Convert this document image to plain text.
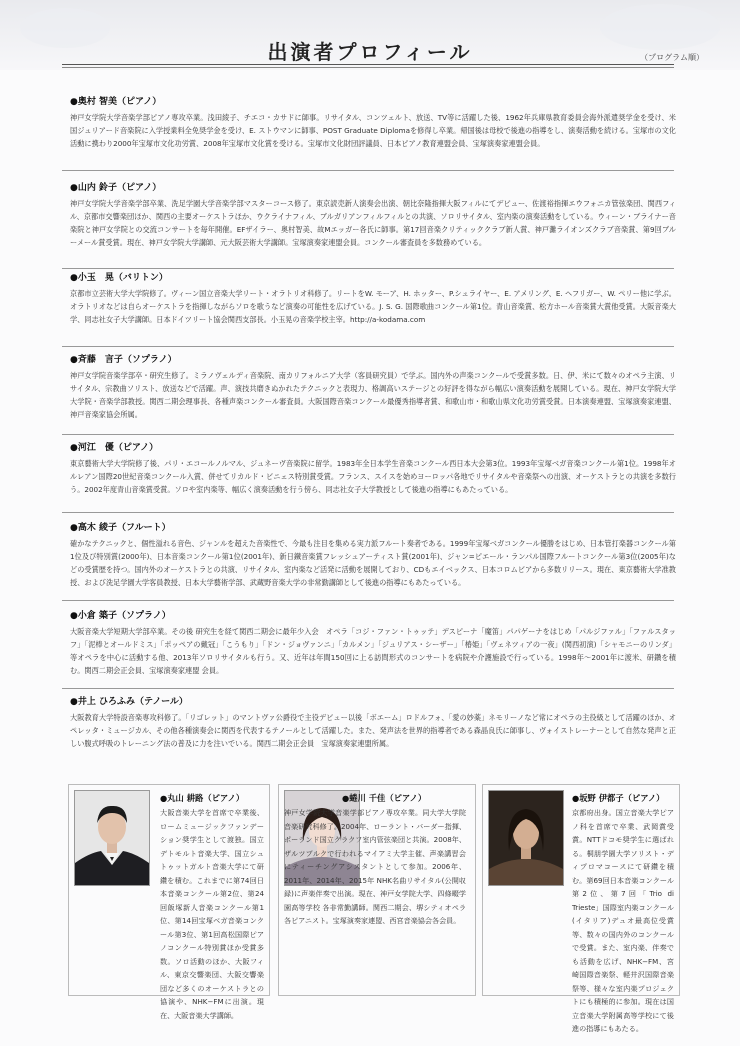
出演者プロフィール	（プログラム順）
●奥村 智美（ピアノ）
神戸女学院大学音楽学部ピアノ専攻卒業。浅田綾子、チエコ・カサドに師事。リサイタル、コンツェルト、放送、TV等に活躍した後、1962年兵庫県教育委員会海外派遣奨学金を受け、米国ジュリアード音楽院に入学授業料全免奨学金を受け、E. ストウマンに師事、POST Graduate Diplomaを修得し卒業。帰国後は母校で後進の指導をし、演奏活動を続ける。宝塚市の文化活動に携わり2000年宝塚市文化功労賞、2008年宝塚市文化賞を受ける。宝塚市文化財団評議員、日本ピアノ教育連盟会員、宝塚演奏家連盟会員。
●山内 鈴子（ピアノ）
神戸女学院大学音楽学部卒業、洗足学園大学音楽学部マスターコース修了。東京読売新人演奏会出演、朝比奈隆指揮大阪フィルにてデビュー、佐渡裕指揮エウフォニカ管弦楽団、関西フィル、京都市交響楽団ほか、関西の主要オーケストラほか、ウクライナフィル、ブルガリアンフィルフィルとの共演、ソロリサイタル、室内楽の演奏活動をしている。ウィーン・ブライナー音楽院と神戸女学院との交流コンサートを毎年開催。EFザイラー、奥村智美、故Mエッガー各氏に師事。第17回音楽クリティッククラブ新人賞、神戸灘ライオンズクラブ音楽賞、第9回ブルーメール賞受賞。現在、神戸女学院大学講師、元大阪芸術大学講師。宝塚演奏家連盟会員。コンクール審査員を多数務めている。
●小玉　晃（バリトン）
京都市立芸術大学大学院修了。ヴィーン国立音楽大学リート・オラトリオ科修了。リートをW. モーア、H. ホッター、P.シュライヤー、E. アメリング、E. ヘフリガー、W. ペリー他に学ぶ。オラトリオなどは自らオーケストラを指揮しながらソロを歌うなど演奏の可能性を広げている。J. S. G. 国際歌曲コンクール第1位。青山音楽賞、松方ホール音楽賞大賞他受賞。大阪音楽大学、同志社女子大学講師。日本ドイツリート協会関西支部長。小玉晃の音楽学校主宰。http://a-kodama.com
●斉藤　言子（ソプラノ）
神戸女学院音楽学部卒・研究生修了。ミラノヴェルディ音楽院、南カリフォルニア大学（客員研究員）で学ぶ。国内外の声楽コンクールで受賞多数。日、伊、米にて数々のオペラ主演、リサイタル、宗教曲ソリスト、放送などで活躍。声、演技共磨きぬかれたテクニックと表現力、格調高いステージとの好評を得ながら幅広い演奏活動を展開している。現在、神戸女学院大学大学院・音楽学部教授。関西二期会理事長、各種声楽コンクール審査員。大阪国際音楽コンクール最優秀指導者賞、和歌山市・和歌山県文化功労賞受賞。日本演奏連盟、宝塚演奏家連盟、神戸音楽家協会所属。
●河江　優（ピアノ）
東京藝術大学大学院修了後、パリ・エコールノルマル、ジュネーヴ音楽院に留学。1983年全日本学生音楽コンクール西日本大会第3位。1993年宝塚ベガ音楽コンクール第1位。1998年オルレアン国際20世紀音楽コンクール入賞、併せてリカルド・ビニェス特別賞受賞。フランス、スイスを始めヨーロッパ各地でリサイタルや音楽祭への出演、オーケストラとの共演を多数行う。2002年度青山音楽賞受賞。ソロや室内楽等、幅広く演奏活動を行う傍ら、同志社女子大学教授として後進の指導にもあたっている。
●高木 綾子（フルート）
確かなテクニックと、個性溢れる音色、ジャンルを超えた音楽性で、今最も注目を集める実力派フルート奏者である。1999年宝塚ベガコンクール優勝をはじめ、日本管打楽器コンクール第1位及び特別賞(2000年)、日本音楽コンクール第1位(2001年)、新日鐵音楽賞フレッシュアーティスト賞(2001年)、ジャン=ピエール・ランパル国際フルートコンクール第3位(2005年)などの受賞歴を持つ。国内外のオーケストラとの共演、リサイタル、室内楽など活発に活動を展開しており、CDもエイベックス、日本コロムビアから多数リリース。現在、東京藝術大学准教授、および洗足学園大学客員教授、日本大学藝術学部、武蔵野音楽大学の非常勤講師として後進の指導にもあたっている。
●小倉 築子（ソプラノ）
大阪音楽大学短期大学部卒業。その後 研究生を経て関西二期会に最年少入会　オペラ「コジ・ファン・トゥッテ」デスピーナ「魔笛」パパゲーナをはじめ「パルジファル」「ファルスタッフ」「泥棒とオールドミス」「ポッペアの戴冠」「こうもり」「ドン・ジョヴァンニ」「カルメン」「ジュリアス・シーザー」「椿姫」「ヴェネツィアの一夜」(関西初演)「シャモニーのリンダ」等オペラを中心に活動する他、2013年ソロリサイタルも行う。又、近年は年間150回に上る訪問形式のコンサートを病院や介護施設で行っている。1998年～2001年に渡米、研鑽を積む。関西二期会正会員、宝塚演奏家連盟 会員。
●井上 ひろふみ（テノール）
大阪教育大学特設音楽専攻科修了。「リゴレット」のマントヴァ公爵役で主役デビュー以後「ボエーム」ロドルフォ、「愛の妙薬」ネモリーノなど常にオペラの主役級として活躍のほか、オペレッタ・ミュージカル、その他各種演奏会に関西を代表するテノールとして活躍した。また、発声法を世界的指導者である森晶良氏に師事し、ヴォイストレーナーとして自然な発声と正しい腹式呼吸のトレーニング法の普及に力を注いでいる。関西二期会正会員　宝塚演奏家連盟所属。
●丸山 耕路（ピアノ）
大阪音楽大学を首席で卒業後、ロームミュージックファンデーション奨学生として渡独。国立デトモルト音楽大学、国立シュトゥットガルト音楽大学にて研鑽を積む。これまでに第74回日本音楽コンクール第2位、第24回飯塚新人音楽コンクール第1位、第14回宝塚ベガ音楽コンクール第3位、第1回高松国際ピアノコンクール特別賞ほか受賞多数。ソロ活動のほか、大阪フィル、東京交響楽団、大阪交響楽団など多くのオーケストラとの協演や、NHK−FMに出演。現在、大阪音楽大学講師。
●蜷川 千佳（ピアノ）
神戸女学院大学音楽学部ピアノ専攻卒業。同大学大学院音楽研究科修了。2004年、ローラント・バーダー指揮、ポーランド国立クラクフ室内管弦楽団と共演。2008年、ザルツブルクで行われるマイアミ大学主催、声楽講習会にティーチングアシスタントとして参加。2006年、2011年、2014年、2015年 NHK名曲リサイタル(公開収録)に声楽伴奏で出演。現在、神戸女学院大学、四條畷学園高等学校 各非常勤講師。関西二期会、堺シティオペラ 各ピアニスト。宝塚演奏家連盟、西宮音楽協会各会員。
●坂野 伊都子（ピアノ）
京都府出身。国立音楽大学ピアノ科を首席で卒業、武岡賞受賞。NTTドコモ奨学生に選ばれる。桐朋学園大学ソリスト・ディプロマコースにて研鑽を積む。第69回日本音楽コンクール第2位、第7回「Trio di Trieste」国際室内楽コンクール(イタリア)デュオ最高位受賞等、数々の国内外のコンクールで受賞。また、室内楽、伴奏でも活動を広げ、NHK−FM、宮崎国際音楽祭、軽井沢国際音楽祭等、様々な室内楽プロジェクトにも積極的に参加。現在は国立音楽大学附属高等学校にて後進の指導にもあたる。
